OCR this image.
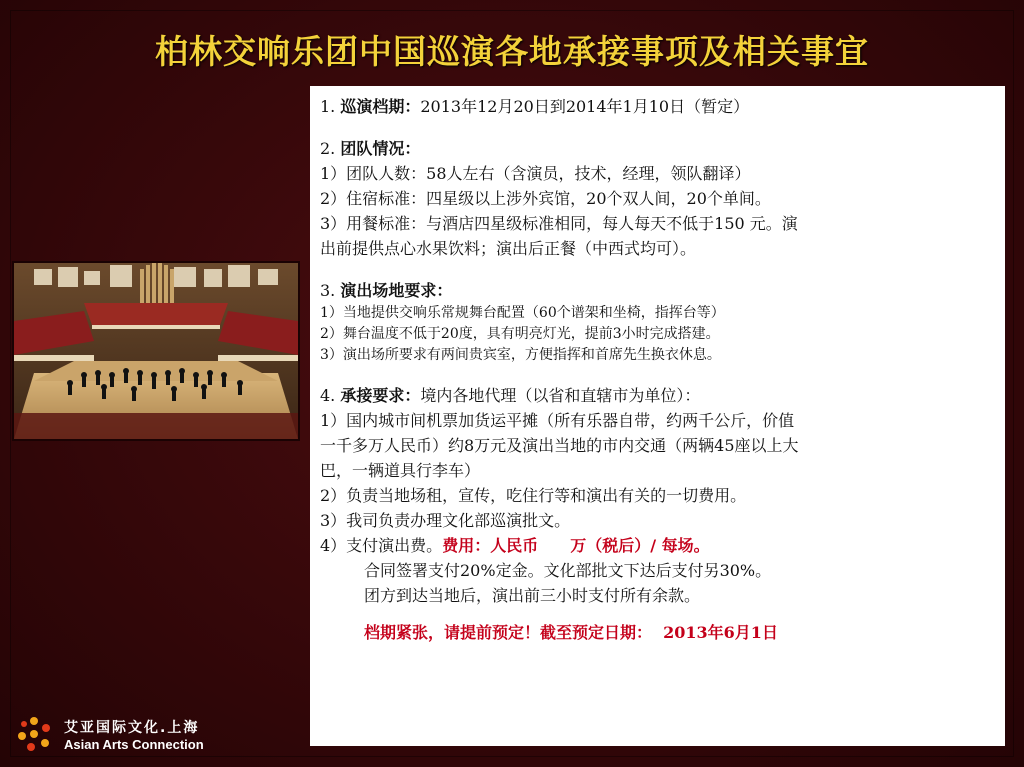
柏林交响乐团中国巡演各地承接事项及相关事宜

1. 巡演档期：2013年12月20日到2014年1月10日（暂定）

2. 团队情况：

1）团队人数：58人左右（含演员，技术，经理，领队翻译）

2）住宿标准：四星级以上涉外宾馆，20个双人间，20个单间。

3）用餐标准：与酒店四星级标准相同，每人每天不低于150 元。演

出前提供点心水果饮料；演出后正餐（中西式均可）。

3. 演出场地要求：

1）当地提供交响乐常规舞台配置（60个谱架和坐椅，指挥台等）

2）舞台温度不低于20度，具有明亮灯光，提前3小时完成搭建。

3）演出场所要求有两间贵宾室，方便指挥和首席先生换衣休息。

4. 承接要求：境内各地代理（以省和直辖市为单位）：

1）国内城市间机票加货运平摊（所有乐器自带，约两千公斤，价值

一千多万人民币）约8万元及演出当地的市内交通（两辆45座以上大

巴，一辆道具行李车）

2）负责当地场租，宣传，吃住行等和演出有关的一切费用。

3）我司负责办理文化部巡演批文。

4）支付演出费。费用：人民币　　万（税后）/ 每场。

合同签署支付20%定金。文化部批文下达后支付另30%。

团方到达当地后，演出前三小时支付所有余款。

档期紧张，请提前预定！截至预定日期：  2013年6月1日

艾亚国际文化.上海
Asian Arts Connection
